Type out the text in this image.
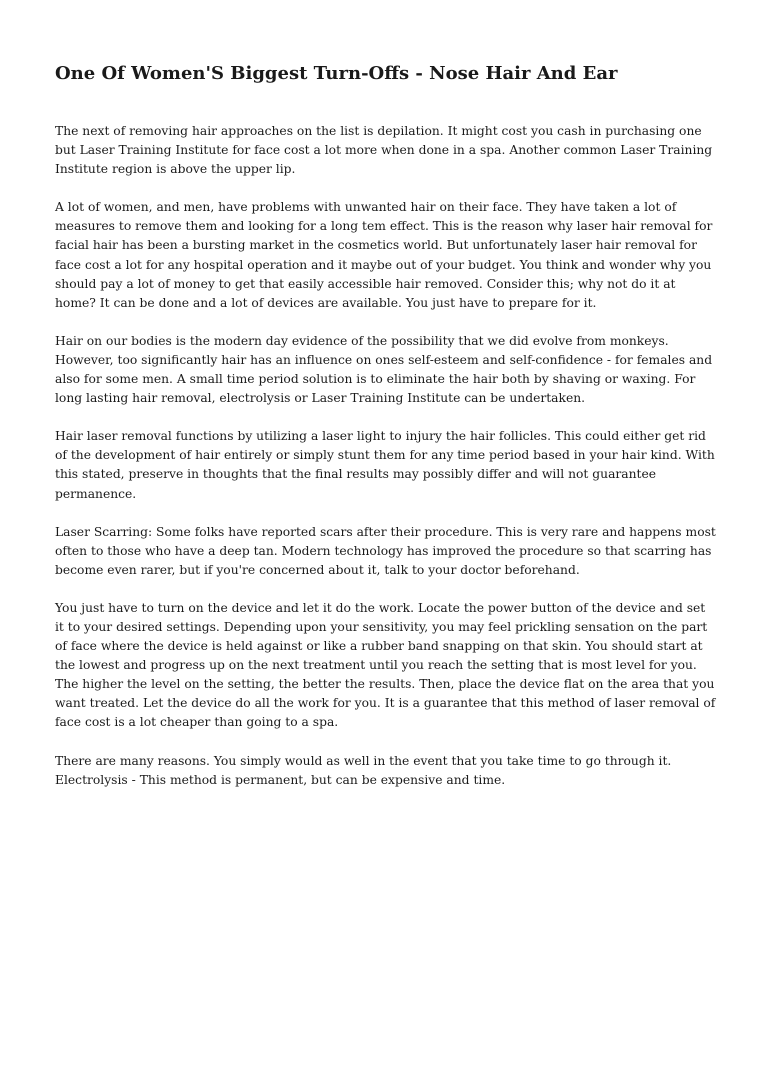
One Of Women'S Biggest Turn-Offs - Nose Hair And Ear

The next of removing hair approaches on the list is depilation. It might cost you cash in purchasing one but Laser Training Institute for face cost a lot more when done in a spa. Another common Laser Training Institute region is above the upper lip.

A lot of women, and men, have problems with unwanted hair on their face. They have taken a lot of measures to remove them and looking for a long tem effect. This is the reason why laser hair removal for facial hair has been a bursting market in the cosmetics world. But unfortunately laser hair removal for face cost a lot for any hospital operation and it maybe out of your budget. You think and wonder why you should pay a lot of money to get that easily accessible hair removed. Consider this; why not do it at home? It can be done and a lot of devices are available. You just have to prepare for it.

Hair on our bodies is the modern day evidence of the possibility that we did evolve from monkeys. However, too significantly hair has an influence on ones self-esteem and self-confidence - for females and also for some men. A small time period solution is to eliminate the hair both by shaving or waxing. For long lasting hair removal, electrolysis or Laser Training Institute can be undertaken.

Hair laser removal functions by utilizing a laser light to injury the hair follicles. This could either get rid of the development of hair entirely or simply stunt them for any time period based in your hair kind. With this stated, preserve in thoughts that the final results may possibly differ and will not guarantee permanence.

Laser Scarring: Some folks have reported scars after their procedure. This is very rare and happens most often to those who have a deep tan. Modern technology has improved the procedure so that scarring has become even rarer, but if you're concerned about it, talk to your doctor beforehand.

You just have to turn on the device and let it do the work. Locate the power button of the device and set it to your desired settings. Depending upon your sensitivity, you may feel prickling sensation on the part of face where the device is held against or like a rubber band snapping on that skin. You should start at the lowest and progress up on the next treatment until you reach the setting that is most level for you. The higher the level on the setting, the better the results. Then, place the device flat on the area that you want treated. Let the device do all the work for you. It is a guarantee that this method of laser removal of face cost is a lot cheaper than going to a spa.

There are many reasons. You simply would as well in the event that you take time to go through it. Electrolysis - This method is permanent, but can be expensive and time.
